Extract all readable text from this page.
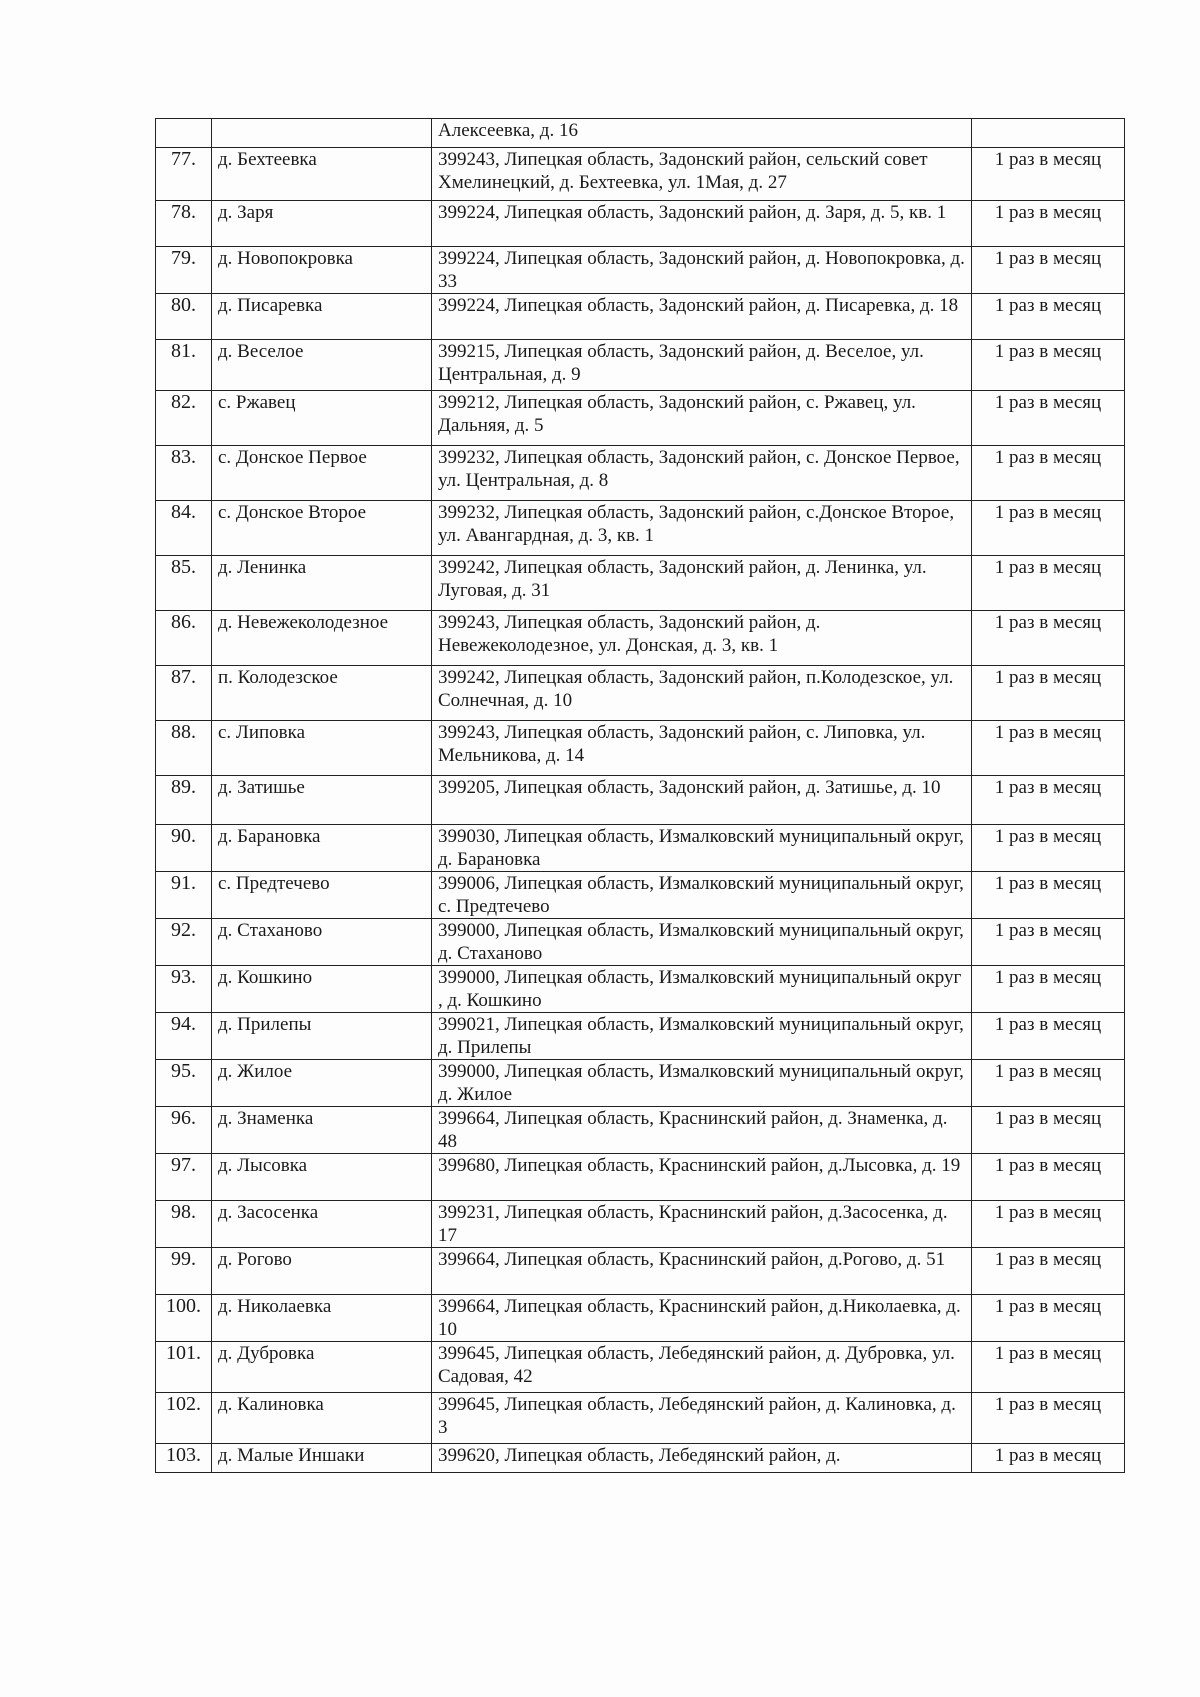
		Алексеевка, д. 16	
77.	д. Бехтеевка	399243, Липецкая область, Задонский район, сельский совет Хмелинецкий, д. Бехтеевка, ул. 1Мая, д. 27	1 раз в месяц
78.	д. Заря	399224, Липецкая область, Задонский район, д. Заря, д. 5, кв. 1	1 раз в месяц
79.	д. Новопокровка	399224, Липецкая область, Задонский район, д. Новопокровка, д. 33	1 раз в месяц
80.	д. Писаревка	399224, Липецкая область, Задонский район, д. Писаревка, д. 18	1 раз в месяц
81.	д. Веселое	399215, Липецкая область, Задонский район, д. Веселое, ул. Центральная, д. 9	1 раз в месяц
82.	с. Ржавец	399212, Липецкая область, Задонский район, с. Ржавец, ул. Дальняя, д. 5	1 раз в месяц
83.	с. Донское Первое	399232, Липецкая область, Задонский район, с. Донское Первое, ул. Центральная, д. 8	1 раз в месяц
84.	с. Донское Второе	399232, Липецкая область, Задонский район, с.Донское Второе, ул. Авангардная, д. 3, кв. 1	1 раз в месяц
85.	д. Ленинка	399242, Липецкая область, Задонский район, д. Ленинка, ул. Луговая, д. 31	1 раз в месяц
86.	д. Невежеколодезное	399243, Липецкая область, Задонский район, д. Невежеколодезное, ул. Донская, д. 3, кв. 1	1 раз в месяц
87.	п. Колодезское	399242, Липецкая область, Задонский район, п.Колодезское, ул. Солнечная, д. 10	1 раз в месяц
88.	с. Липовка	399243, Липецкая область, Задонский район, с. Липовка, ул. Мельникова, д. 14	1 раз в месяц
89.	д. Затишье	399205, Липецкая область, Задонский район, д. Затишье, д. 10	1 раз в месяц
90.	д. Барановка	399030, Липецкая область, Измалковский муниципальный округ, д. Барановка	1 раз в месяц
91.	с. Предтечево	399006, Липецкая область, Измалковский муниципальный округ, с. Предтечево	1 раз в месяц
92.	д. Стаханово	399000, Липецкая область, Измалковский муниципальный округ, д. Стаханово	1 раз в месяц
93.	д. Кошкино	399000, Липецкая область, Измалковский муниципальный округ , д. Кошкино	1 раз в месяц
94.	д. Прилепы	399021, Липецкая область, Измалковский муниципальный округ, д. Прилепы	1 раз в месяц
95.	д. Жилое	399000, Липецкая область, Измалковский муниципальный округ, д. Жилое	1 раз в месяц
96.	д. Знаменка	399664, Липецкая область, Краснинский район, д. Знаменка, д. 48	1 раз в месяц
97.	д. Лысовка	399680, Липецкая область, Краснинский район, д.Лысовка, д. 19	1 раз в месяц
98.	д. Засосенка	399231, Липецкая область, Краснинский район, д.Засосенка, д. 17	1 раз в месяц
99.	д. Рогово	399664, Липецкая область, Краснинский район, д.Рогово, д. 51	1 раз в месяц
100.	д. Николаевка	399664, Липецкая область, Краснинский район, д.Николаевка, д. 10	1 раз в месяц
101.	д. Дубровка	399645, Липецкая область, Лебедянский район, д. Дубровка, ул. Садовая, 42	1 раз в месяц
102.	д. Калиновка	399645, Липецкая область, Лебедянский район, д. Калиновка, д. 3	1 раз в месяц
103.	д. Малые Иншаки	399620, Липецкая область, Лебедянский район, д.	1 раз в месяц
